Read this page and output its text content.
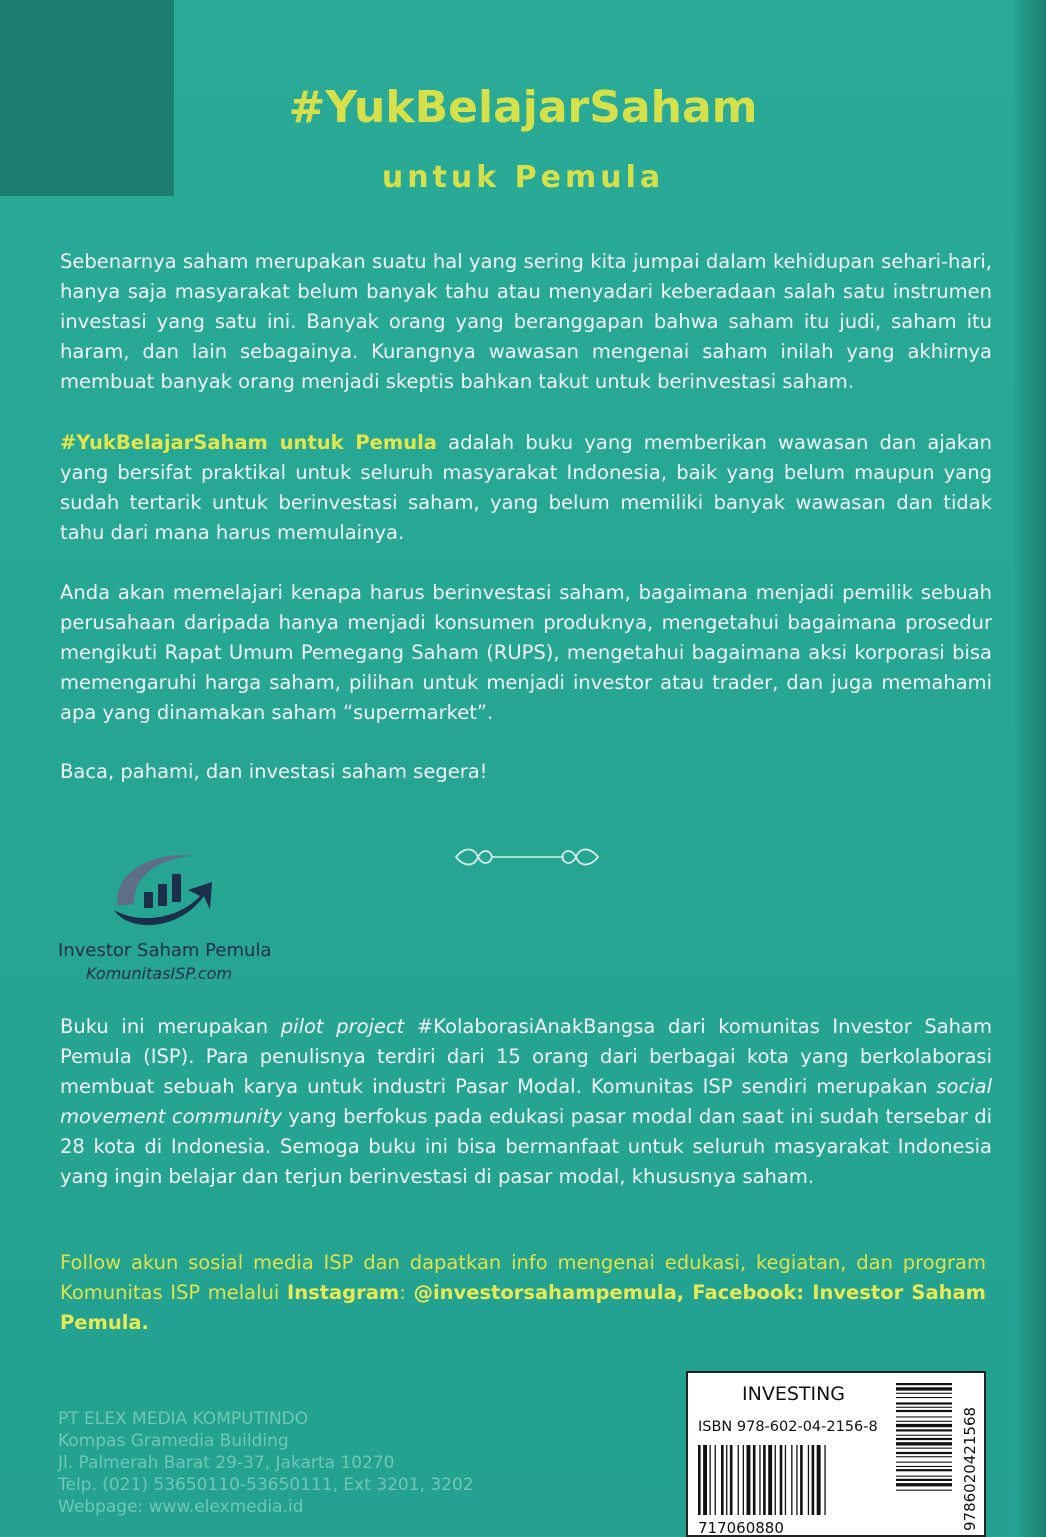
#YukBelajarSaham
untuk Pemula

Sebenarnya saham merupakan suatu hal yang sering kita jumpai dalam kehidupan sehari-hari, hanya saja masyarakat belum banyak tahu atau menyadari keberadaan salah satu instrumen investasi yang satu ini. Banyak orang yang beranggapan bahwa saham itu judi, saham itu haram, dan lain sebagainya. Kurangnya wawasan mengenai saham inilah yang akhirnya membuat banyak orang menjadi skeptis bahkan takut untuk berinvestasi saham.

#YukBelajarSaham untuk Pemula adalah buku yang memberikan wawasan dan ajakan yang bersifat praktikal untuk seluruh masyarakat Indonesia, baik yang belum maupun yang sudah tertarik untuk berinvestasi saham, yang belum memiliki banyak wawasan dan tidak tahu dari mana harus memulainya.

Anda akan memelajari kenapa harus berinvestasi saham, bagaimana menjadi pemilik sebuah perusahaan daripada hanya menjadi konsumen produknya, mengetahui bagaimana prosedur mengikuti Rapat Umum Pemegang Saham (RUPS), mengetahui bagaimana aksi korporasi bisa memengaruhi harga saham, pilihan untuk menjadi investor atau trader, dan juga memahami apa yang dinamakan saham “supermarket”.

Baca, pahami, dan investasi saham segera!

Investor Saham Pemula

KomunitasISP.com

Buku ini merupakan pilot project #KolaborasiAnakBangsa dari komunitas Investor Saham Pemula (ISP). Para penulisnya terdiri dari 15 orang dari berbagai kota yang berkolaborasi membuat sebuah karya untuk industri Pasar Modal. Komunitas ISP sendiri merupakan social movement community yang berfokus pada edukasi pasar modal dan saat ini sudah tersebar di 28 kota di Indonesia. Semoga buku ini bisa bermanfaat untuk seluruh masyarakat Indonesia yang ingin belajar dan terjun berinvestasi di pasar modal, khususnya saham.

Follow akun sosial media ISP dan dapatkan info mengenai edukasi, kegiatan, dan program Komunitas ISP melalui Instagram: @investorsahampemula, Facebook: Investor Saham Pemula.

PT ELEX MEDIA KOMPUTINDO
Kompas Gramedia Building
Jl. Palmerah Barat 29-37, Jakarta 10270
Telp. (021) 53650110-53650111, Ext 3201, 3202
Webpage: www.elexmedia.id
INVESTING
ISBN 978-602-04-2156-8	9786020421568
717060880
